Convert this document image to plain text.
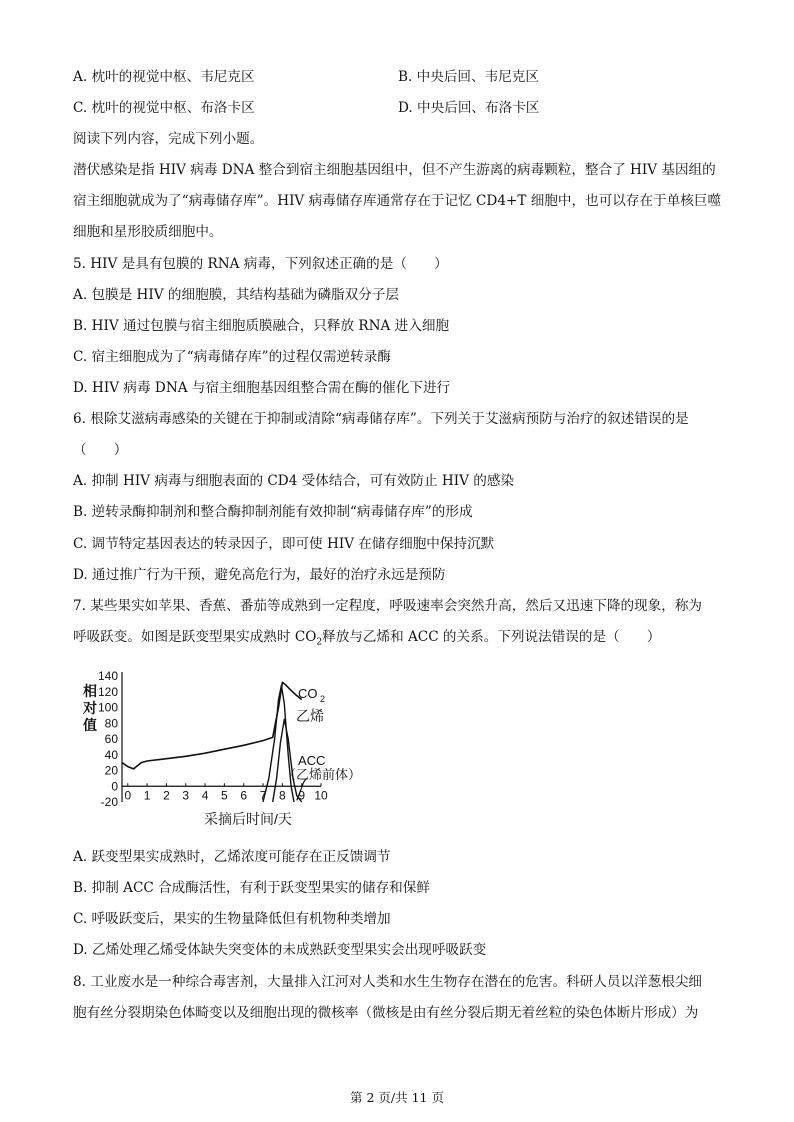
A. 枕叶的视觉中枢、韦尼克区	B. 中央后回、韦尼克区
C. 枕叶的视觉中枢、布洛卡区	D. 中央后回、布洛卡区
阅读下列内容，完成下列小题。
潜伏感染是指 HIV 病毒 DNA 整合到宿主细胞基因组中，但不产生游离的病毒颗粒，整合了 HIV 基因组的
宿主细胞就成为了“病毒储存库”。HIV 病毒储存库通常存在于记忆 CD4+T 细胞中，也可以存在于单核巨噬
细胞和星形胶质细胞中。
5. HIV 是具有包膜的 RNA 病毒，下列叙述正确的是（　　）
A. 包膜是 HIV 的细胞膜，其结构基础为磷脂双分子层
B. HIV 通过包膜与宿主细胞质膜融合，只释放 RNA 进入细胞
C. 宿主细胞成为了“病毒储存库”的过程仅需逆转录酶
D. HIV 病毒 DNA 与宿主细胞基因组整合需在酶的催化下进行
6. 根除艾滋病毒感染的关键在于抑制或清除“病毒储存库”。下列关于艾滋病预防与治疗的叙述错误的是
（　　）
A. 抑制 HIV 病毒与细胞表面的 CD4 受体结合，可有效防止 HIV 的感染
B. 逆转录酶抑制剂和整合酶抑制剂能有效抑制“病毒储存库”的形成
C. 调节特定基因表达的转录因子，即可使 HIV 在储存细胞中保持沉默
D. 通过推广行为干预，避免高危行为，最好的治疗永远是预防
7. 某些果实如苹果、香蕉、番茄等成熟到一定程度，呼吸速率会突然升高，然后又迅速下降的现象，称为
呼吸跃变。如图是跃变型果实成熟时 $CO_2$释放与乙烯和 ACC 的关系。下列说法错误的是（　　）
140
120
100
80
60
40
20
0
-20 0 1 2 3 4 5 6 7 8 9 10
相
对
值
采摘后时间/天
CO 2
乙烯
ACC
（乙烯前体）
A. 跃变型果实成熟时，乙烯浓度可能存在正反馈调节
B. 抑制 ACC 合成酶活性，有利于跃变型果实的储存和保鲜
C. 呼吸跃变后，果实的生物量降低但有机物种类增加
D. 乙烯处理乙烯受体缺失突变体的未成熟跃变型果实会出现呼吸跃变
8. 工业废水是一种综合毒害剂，大量排入江河对人类和水生生物存在潜在的危害。科研人员以洋葱根尖细
胞有丝分裂期染色体畸变以及细胞出现的微核率（微核是由有丝分裂后期无着丝粒的染色体断片形成）为
第 2 页/共 11 页
